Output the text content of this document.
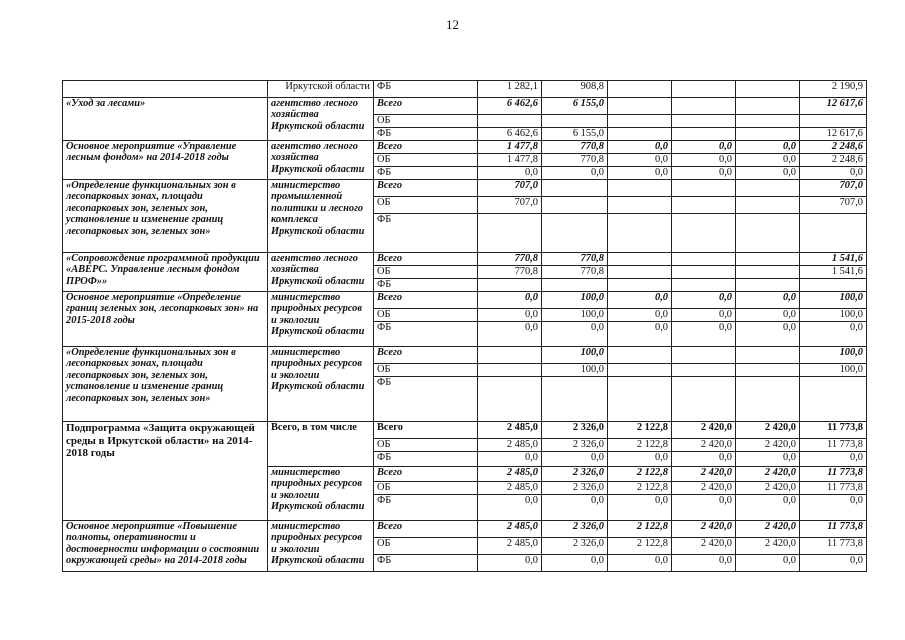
12
	Иркутской области	ФБ	1 282,1	908,8				2 190,9
«Уход за лесами»	агентство лесного хозяйства Иркутской области	Всего	6 462,6	6 155,0				12 617,6
		ОБ						
		ФБ	6 462,6	6 155,0				12 617,6
Основное мероприятие «Управление лесным фондом» на 2014-2018 годы	агентство лесного хозяйства Иркутской области	Всего	1 477,8	770,8	0,0	0,0	0,0	2 248,6
		ОБ	1 477,8	770,8	0,0	0,0	0,0	2 248,6
		ФБ	0,0	0,0	0,0	0,0	0,0	0,0
«Определение функциональных зон в лесопарковых зонах, площади лесопарковых зон, зеленых зон, установление и изменение границ лесопарковых зон, зеленых зон»	министерство промышленной политики и лесного комплекса Иркутской области	Всего	707,0					707,0
		ОБ	707,0					707,0
		ФБ						
«Сопровождение программной продукции «АВЕРС. Управление лесным фондом ПРОФ»»	агентство лесного хозяйства Иркутской области	Всего	770,8	770,8				1 541,6
		ОБ	770,8	770,8				1 541,6
		ФБ						
Основное мероприятие «Определение границ зеленых зон, лесопарковых зон» на 2015-2018 годы	министерство природных ресурсов и экологии Иркутской области	Всего	0,0	100,0	0,0	0,0	0,0	100,0
		ОБ	0,0	100,0	0,0	0,0	0,0	100,0
		ФБ	0,0	0,0	0,0	0,0	0,0	0,0
«Определение функциональных зон в лесопарковых зонах, площади лесопарковых зон, зеленых зон, установление и изменение границ лесопарковых зон, зеленых зон»	министерство природных ресурсов и экологии Иркутской области	Всего		100,0				100,0
		ОБ		100,0				100,0
		ФБ						
Подпрограмма «Защита окружающей среды в Иркутской области» на 2014-2018 годы	Всего, в том числе	Всего	2 485,0	2 326,0	2 122,8	2 420,0	2 420,0	11 773,8
		ОБ	2 485,0	2 326,0	2 122,8	2 420,0	2 420,0	11 773,8
		ФБ	0,0	0,0	0,0	0,0	0,0	0,0
	министерство природных ресурсов и экологии Иркутской области	Всего	2 485,0	2 326,0	2 122,8	2 420,0	2 420,0	11 773,8
		ОБ	2 485,0	2 326,0	2 122,8	2 420,0	2 420,0	11 773,8
		ФБ	0,0	0,0	0,0	0,0	0,0	0,0
Основное мероприятие «Повышение полноты, оперативности и достоверности информации о состоянии окружающей среды» на 2014-2018 годы	министерство природных ресурсов и экологии Иркутской области	Всего	2 485,0	2 326,0	2 122,8	2 420,0	2 420,0	11 773,8
		ОБ	2 485,0	2 326,0	2 122,8	2 420,0	2 420,0	11 773,8
		ФБ	0,0	0,0	0,0	0,0	0,0	0,0
